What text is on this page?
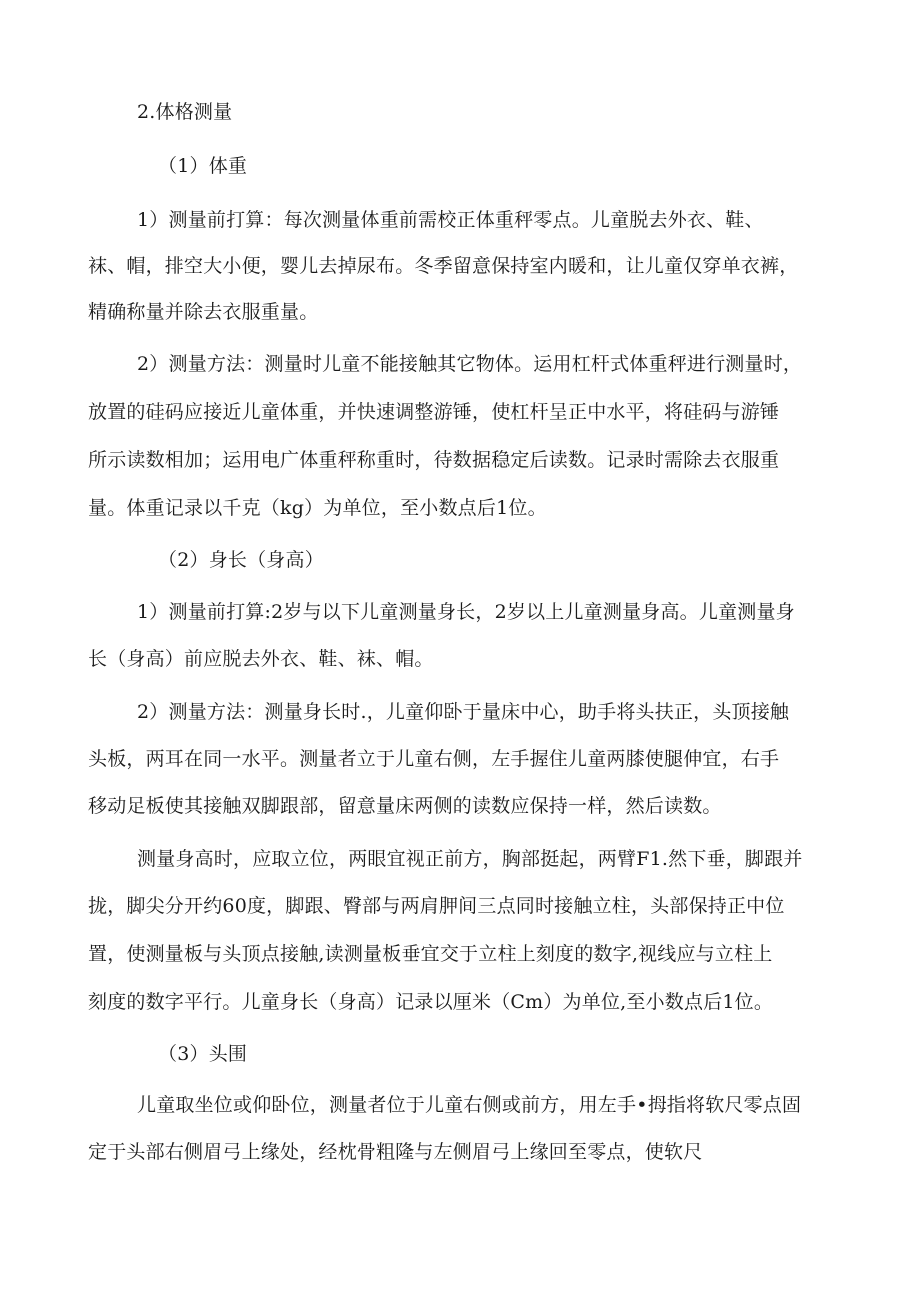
2.体格测量
（1）体重
1）测量前打算：每次测量体重前需校正体重秤零点。儿童脱去外衣、鞋、
袜、帽，排空大小便，婴儿去掉尿布。冬季留意保持室内暖和，让儿童仅穿单衣裤，
精确称量并除去衣服重量。
2）测量方法：测量时儿童不能接触其它物体。运用杠杆式体重秤进行测量时，
放置的硅码应接近儿童体重，并快速调整游锤，使杠杆呈正中水平，将硅码与游锤
所示读数相加；运用电广体重秤称重时，待数据稳定后读数。记录时需除去衣服重
量。体重记录以千克（kg）为单位，至小数点后1位。
（2）身长（身高）
1）测量前打算:2岁与以下儿童测量身长，2岁以上儿童测量身高。儿童测量身
长（身高）前应脱去外衣、鞋、袜、帽。
2）测量方法：测量身长时.，儿童仰卧于量床中心，助手将头扶正，头顶接触
头板，两耳在同一水平。测量者立于儿童右侧，左手握住儿童两膝使腿伸宜，右手
移动足板使其接触双脚跟部，留意量床两侧的读数应保持一样，然后读数。
测量身高时，应取立位，两眼宜视正前方，胸部挺起，两臂F1.然下垂，脚跟并
拢，脚尖分开约60度，脚跟、臀部与两肩胛间三点同时接触立柱，头部保持正中位
置，使测量板与头顶点接触,读测量板垂宜交于立柱上刻度的数字,视线应与立柱上
刻度的数字平行。儿童身长（身高）记录以厘米（Cm）为单位,至小数点后1位。
（3）头围
儿童取坐位或仰卧位，测量者位于儿童右侧或前方，用左手•拇指将软尺零点固
定于头部右侧眉弓上缘处，经枕骨粗隆与左侧眉弓上缘回至零点，使软尺
